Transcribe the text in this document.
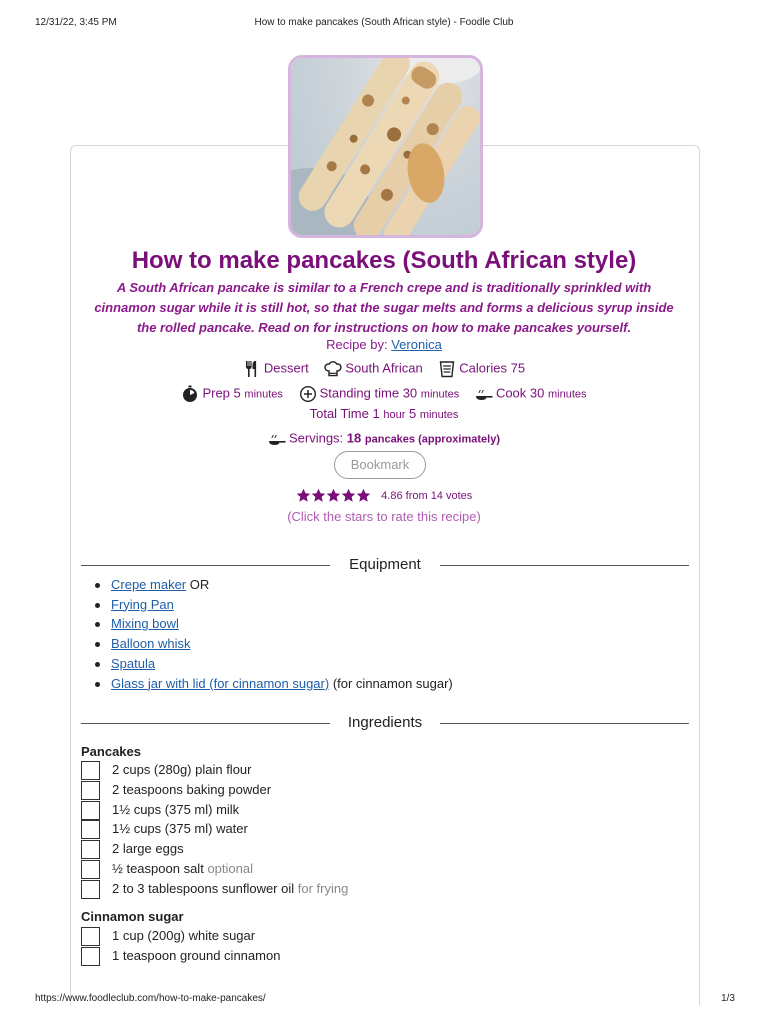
12/31/22, 3:45 PM	How to make pancakes (South African style) - Foodle Club
How to make pancakes (South African style)
A South African pancake is similar to a French crepe and is traditionally sprinkled with cinnamon sugar while it is still hot, so that the sugar melts and forms a delicious syrup inside the rolled pancake. Read on for instructions on how to make pancakes yourself.
Recipe by: Veronica
Dessert	South African	Calories 75
Prep 5 minutes	Standing time 30 minutes	Cook 30 minutes
Total Time 1 hour 5 minutes
Servings: 18 pancakes (approximately)
Bookmark
4.86 from 14 votes
(Click the stars to rate this recipe)
Equipment
Crepe maker OR
Frying Pan
Mixing bowl
Balloon whisk
Spatula
Glass jar with lid (for cinnamon sugar) (for cinnamon sugar)
Ingredients
Pancakes
2 cups (280g) plain flour
2 teaspoons baking powder
1½ cups (375 ml) milk
1½ cups (375 ml) water
2 large eggs
½ teaspoon salt optional
2 to 3 tablespoons sunflower oil for frying
Cinnamon sugar
1 cup (200g) white sugar
1 teaspoon ground cinnamon
https://www.foodleclub.com/how-to-make-pancakes/	1/3
